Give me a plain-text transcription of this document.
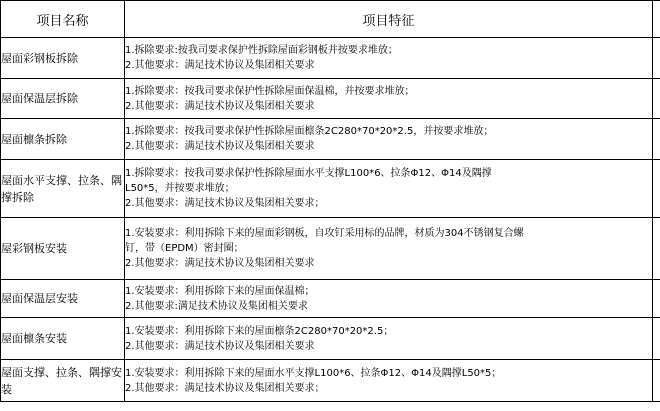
项目名称	项目特征	
屋面彩钢板拆除	1.拆除要求:按我司要求保护性拆除屋面彩钢板并按要求堆放；
2.其他要求：满足技术协议及集团相关要求	

屋面保温层拆除	1.拆除要求：按我司要求保护性拆除屋面保温棉，并按要求堆放；
2.其他要求：满足技术协议及集团相关要求	

屋面檩条拆除	1.拆除要求：按我司要求保护性拆除屋面檩条2C280*70*20*2.5，并按要求堆放；
2.其他要求：满足技术协议及集团相关要求	

屋面水平支撑、拉条、隅撑拆除	1.拆除要求：按我司要求保护性拆除屋面水平支撑L100*6、拉条Φ12、Φ14及隅撑
L50*5，并按要求堆放；
2.其他要求：满足技术协议及集团相关要求；	

屋彩钢板安装	1.安装要求：利用拆除下来的屋面彩钢板，自攻钉采用标的品牌，材质为304不锈钢复合螺
钉，带（EPDM）密封圈；
2.其他要求：满足技术协议及集团相关要求	

屋面保温层安装	1.安装要求：利用拆除下来的屋面保温棉；
2.其他要求:满足技术协议及集团相关要求	

屋面檩条安装	1.安装要求：利用拆除下来的屋面檩条2C280*70*20*2.5；
2.其他要求：满足技术协议及集团相关要求	

屋面支撑、拉条、隅撑安装	1.安装要求：利用拆除下来的屋面水平支撑L100*6、拉条Φ12、Φ14及隅撑L50*5；
2.其他要求：满足技术协议及集团相关要求；	
